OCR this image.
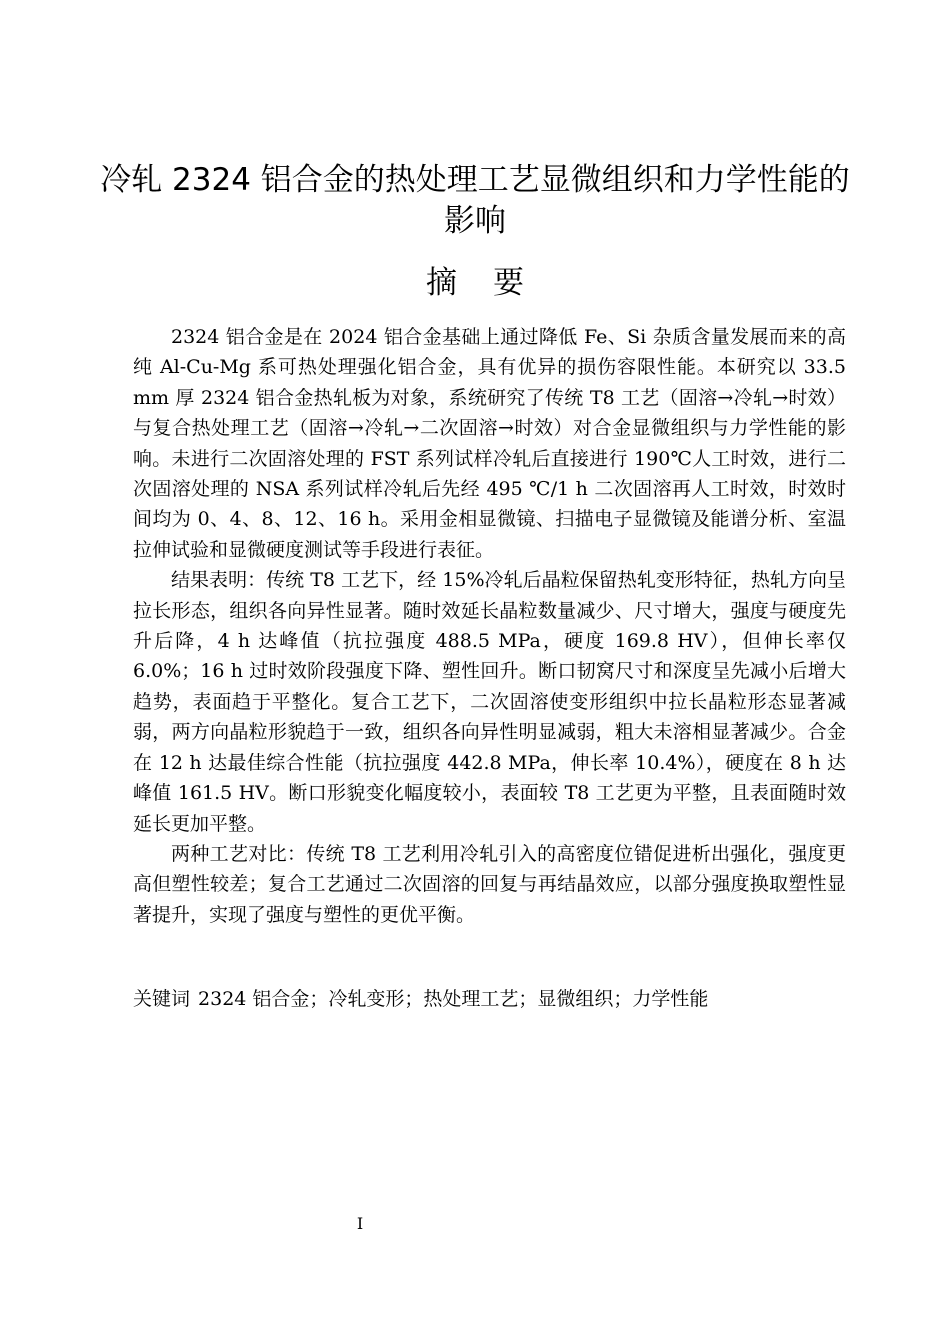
冷轧 2324 铝合金的热处理工艺显微组织和力学性能的影响
摘要

2324 铝合金是在 2024 铝合金基础上通过降低 Fe、Si 杂质含量发展而来的高纯 Al-Cu-Mg 系可热处理强化铝合金，具有优异的损伤容限性能。本研究以 33.5 mm 厚 2324 铝合金热轧板为对象，系统研究了传统 T8 工艺（固溶→冷轧→时效）与复合热处理工艺（固溶→冷轧→二次固溶→时效）对合金显微组织与力学性能的影响。未进行二次固溶处理的 FST 系列试样冷轧后直接进行 190℃人工时效，进行二次固溶处理的 NSA 系列试样冷轧后先经 495 ℃/1 h 二次固溶再人工时效，时效时间均为 0、4、8、12、16 h。采用金相显微镜、扫描电子显微镜及能谱分析、室温拉伸试验和显微硬度测试等手段进行表征。

结果表明：传统 T8 工艺下，经 15%冷轧后晶粒保留热轧变形特征，热轧方向呈拉长形态，组织各向异性显著。随时效延长晶粒数量减少、尺寸增大，强度与硬度先升后降，4 h 达峰值（抗拉强度 488.5 MPa，硬度 169.8 HV），但伸长率仅 6.0%；16 h 过时效阶段强度下降、塑性回升。断口韧窝尺寸和深度呈先减小后增大趋势，表面趋于平整化。复合工艺下，二次固溶使变形组织中拉长晶粒形态显著减弱，两方向晶粒形貌趋于一致，组织各向异性明显减弱，粗大未溶相显著减少。合金在 12 h 达最佳综合性能（抗拉强度 442.8 MPa，伸长率 10.4%），硬度在 8 h 达峰值 161.5 HV。断口形貌变化幅度较小，表面较 T8 工艺更为平整，且表面随时效延长更加平整。

两种工艺对比：传统 T8 工艺利用冷轧引入的高密度位错促进析出强化，强度更高但塑性较差；复合工艺通过二次固溶的回复与再结晶效应，以部分强度换取塑性显著提升，实现了强度与塑性的更优平衡。

关键词 2324 铝合金；冷轧变形；热处理工艺；显微组织；力学性能

I
